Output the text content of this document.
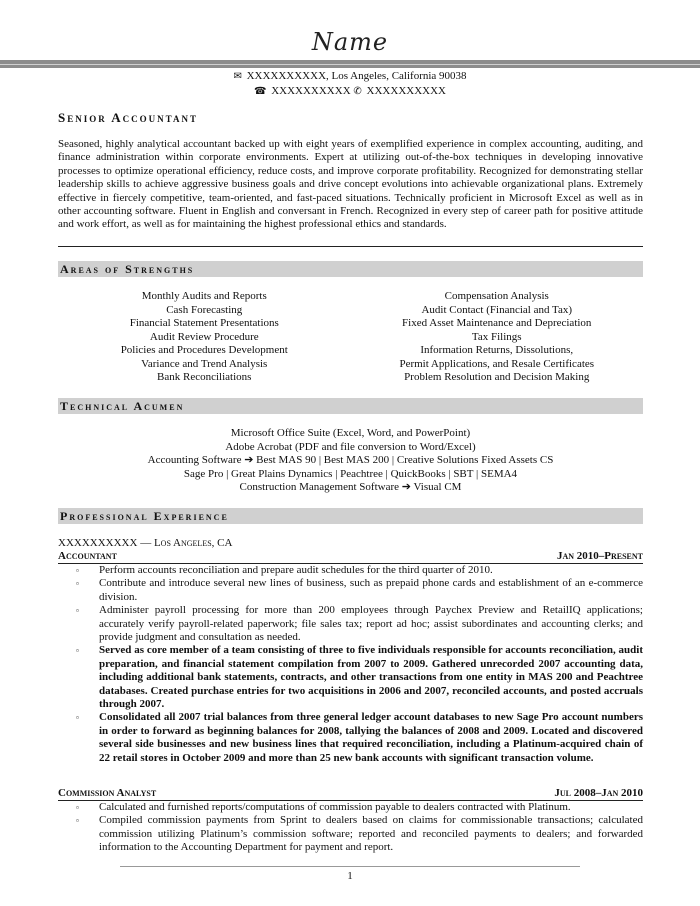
Name
✉ XXXXXXXXXX, Los Angeles, California 90038
☎ XXXXXXXXXX ✆ XXXXXXXXXX
Senior Accountant
Seasoned, highly analytical accountant backed up with eight years of exemplified experience in complex accounting, auditing, and finance administration within corporate environments. Expert at utilizing out-of-the-box techniques in developing innovative processes to optimize operational efficiency, reduce costs, and improve corporate profitability. Recognized for demonstrating stellar leadership skills to achieve aggressive business goals and drive concept evolutions into achievable organizational plans. Extremely effective in fiercely competitive, team-oriented, and fast-paced situations. Technically proficient in Microsoft Excel as well as in other accounting software. Fluent in English and conversant in French. Recognized in every step of career path for positive attitude and work effort, as well as for maintaining the highest professional ethics and standards.
Areas of Strengths
Monthly Audits and Reports
Cash Forecasting
Financial Statement Presentations
Audit Review Procedure
Policies and Procedures Development
Variance and Trend Analysis
Bank Reconciliations
Compensation Analysis
Audit Contact (Financial and Tax)
Fixed Asset Maintenance and Depreciation
Tax Filings
Information Returns, Dissolutions,
Permit Applications, and Resale Certificates
Problem Resolution and Decision Making
Technical Acumen
Microsoft Office Suite (Excel, Word, and PowerPoint)
Adobe Acrobat (PDF and file conversion to Word/Excel)
Accounting Software ➔ Best MAS 90 | Best MAS 200 | Creative Solutions Fixed Assets CS
Sage Pro | Great Plains Dynamics | Peachtree | QuickBooks | SBT | SEMA4
Construction Management Software ➔ Visual CM
Professional Experience
XXXXXXXXXX — Los Angeles, CA
Accountant	Jan 2010–Present
▫ Perform accounts reconciliation and prepare audit schedules for the third quarter of 2010.
▫ Contribute and introduce several new lines of business, such as prepaid phone cards and establishment of an e-commerce division.
▫ Administer payroll processing for more than 200 employees through Paychex Preview and RetailIQ applications; accurately verify payroll-related paperwork; file sales tax; report ad hoc; assist subordinates and accounting clerks; and provide judgment and consultation as needed.
▫ Served as core member of a team consisting of three to five individuals responsible for accounts reconciliation, audit preparation, and financial statement compilation from 2007 to 2009. Gathered unrecorded 2007 accounting data, including additional bank statements, contracts, and other transactions from one entity in MAS 200 and Peachtree databases. Created purchase entries for two acquisitions in 2006 and 2007, reconciled accounts, and posted accruals through 2007.
▫ Consolidated all 2007 trial balances from three general ledger account databases to new Sage Pro account numbers in order to forward as beginning balances for 2008, tallying the balances of 2008 and 2009. Located and discovered several side businesses and new business lines that required reconciliation, including a Platinum-acquired chain of 22 retail stores in October 2009 and more than 25 new bank accounts with significant transaction volume.
Commission Analyst	Jul 2008–Jan 2010
▫ Calculated and furnished reports/computations of commission payable to dealers contracted with Platinum.
▫ Compiled commission payments from Sprint to dealers based on claims for commissionable transactions; calculated commission utilizing Platinum’s commission software; reported and reconciled payments to dealers; and forwarded information to the Accounting Department for payment and report.
1
